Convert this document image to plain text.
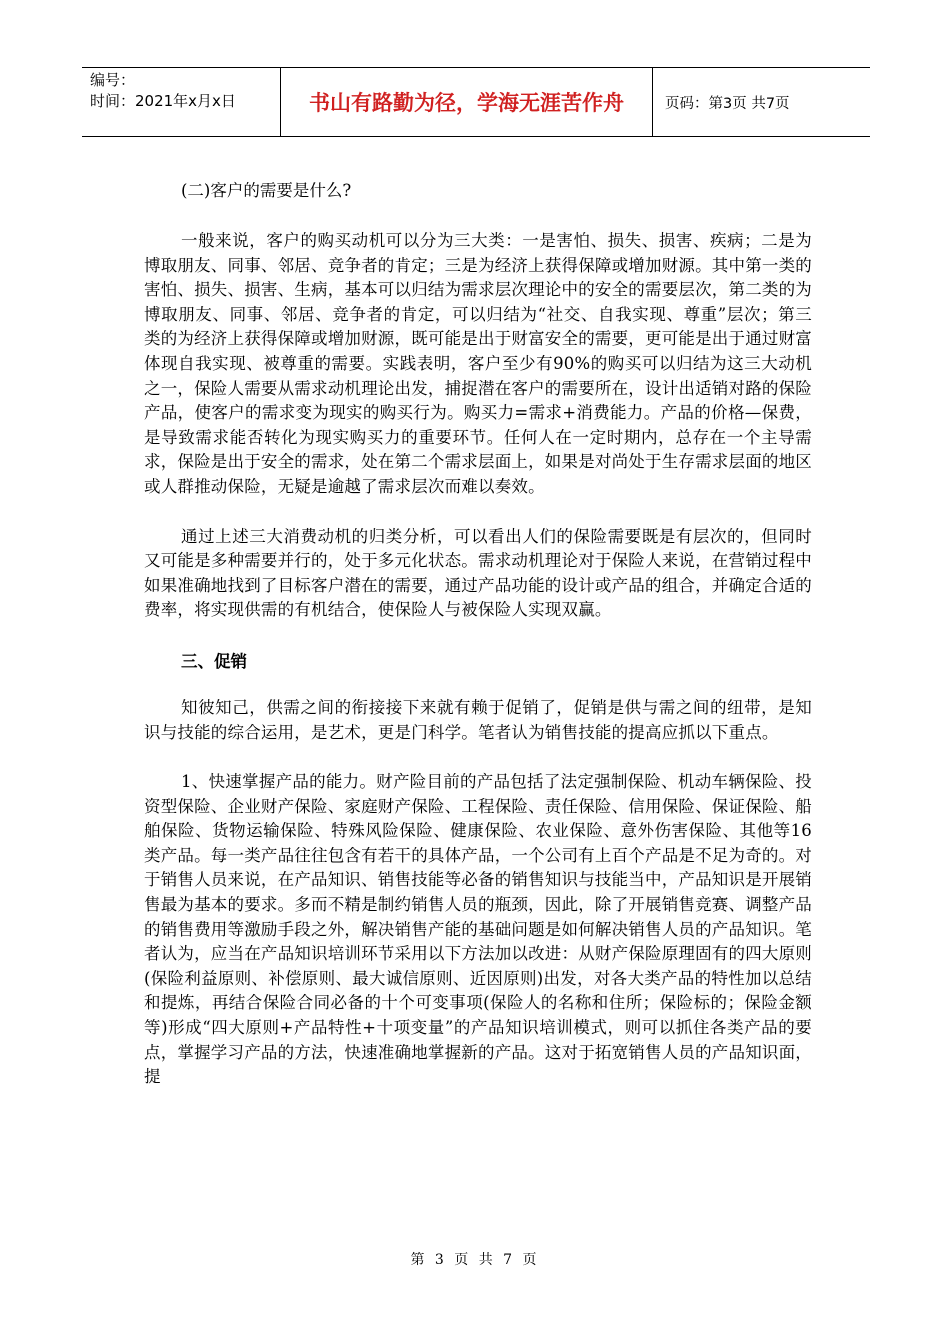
编号：
时间：2021年x月x日	书山有路勤为径，学海无涯苦作舟	页码：第3页 共7页

(二)客户的需要是什么?

一般来说，客户的购买动机可以分为三大类：一是害怕、损失、损害、疾病；二是为博取朋友、同事、邻居、竞争者的肯定；三是为经济上获得保障或增加财源。其中第一类的害怕、损失、损害、生病，基本可以归结为需求层次理论中的安全的需要层次，第二类的为博取朋友、同事、邻居、竞争者的肯定，可以归结为“社交、自我实现、尊重”层次；第三类的为经济上获得保障或增加财源，既可能是出于财富安全的需要，更可能是出于通过财富体现自我实现、被尊重的需要。实践表明，客户至少有90%的购买可以归结为这三大动机之一，保险人需要从需求动机理论出发，捕捉潜在客户的需要所在，设计出适销对路的保险产品，使客户的需求变为现实的购买行为。购买力=需求+消费能力。产品的价格—保费，是导致需求能否转化为现实购买力的重要环节。任何人在一定时期内，总存在一个主导需求，保险是出于安全的需求，处在第二个需求层面上，如果是对尚处于生存需求层面的地区或人群推动保险，无疑是逾越了需求层次而难以奏效。

通过上述三大消费动机的归类分析，可以看出人们的保险需要既是有层次的，但同时又可能是多种需要并行的，处于多元化状态。需求动机理论对于保险人来说，在营销过程中如果准确地找到了目标客户潜在的需要，通过产品功能的设计或产品的组合，并确定合适的费率，将实现供需的有机结合，使保险人与被保险人实现双赢。

三、促销

知彼知己，供需之间的衔接接下来就有赖于促销了，促销是供与需之间的纽带，是知识与技能的综合运用，是艺术，更是门科学。笔者认为销售技能的提高应抓以下重点。

1、快速掌握产品的能力。财产险目前的产品包括了法定强制保险、机动车辆保险、投资型保险、企业财产保险、家庭财产保险、工程保险、责任保险、信用保险、保证保险、船舶保险、货物运输保险、特殊风险保险、健康保险、农业保险、意外伤害保险、其他等16类产品。每一类产品往往包含有若干的具体产品，一个公司有上百个产品是不足为奇的。对于销售人员来说，在产品知识、销售技能等必备的销售知识与技能当中，产品知识是开展销售最为基本的要求。多而不精是制约销售人员的瓶颈，因此，除了开展销售竞赛、调整产品的销售费用等激励手段之外，解决销售产能的基础问题是如何解决销售人员的产品知识。笔者认为，应当在产品知识培训环节采用以下方法加以改进：从财产保险原理固有的四大原则(保险利益原则、补偿原则、最大诚信原则、近因原则)出发，对各大类产品的特性加以总结和提炼，再结合保险合同必备的十个可变事项(保险人的名称和住所；保险标的；保险金额等)形成“四大原则+产品特性+十项变量”的产品知识培训模式，则可以抓住各类产品的要点，掌握学习产品的方法，快速准确地掌握新的产品。这对于拓宽销售人员的产品知识面，提

第 3 页 共 7 页
